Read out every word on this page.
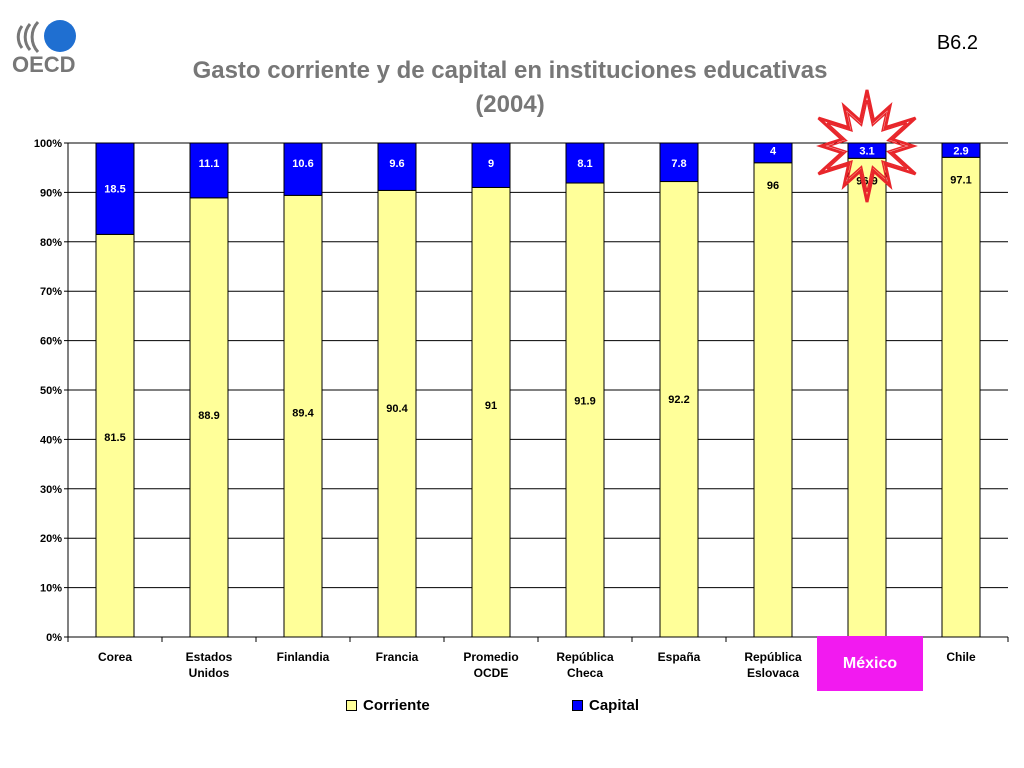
OECD
B6.2
Gasto corriente y de capital en instituciones educativas
(2004)
0%
10%
20%
30%
40%
50%
60%
70%
80%
90%
100%
81.5
18.5
Corea
88.9
11.1
Estados
Unidos
89.4
10.6
Finlandia
90.4
9.6
Francia
91
9
Promedio
OCDE
91.9
8.1
República
Checa
92.2
7.8
España
96
4
República
Eslovaca
96.9
3.1
97.1
2.9
Chile
México
Corriente	Capital
